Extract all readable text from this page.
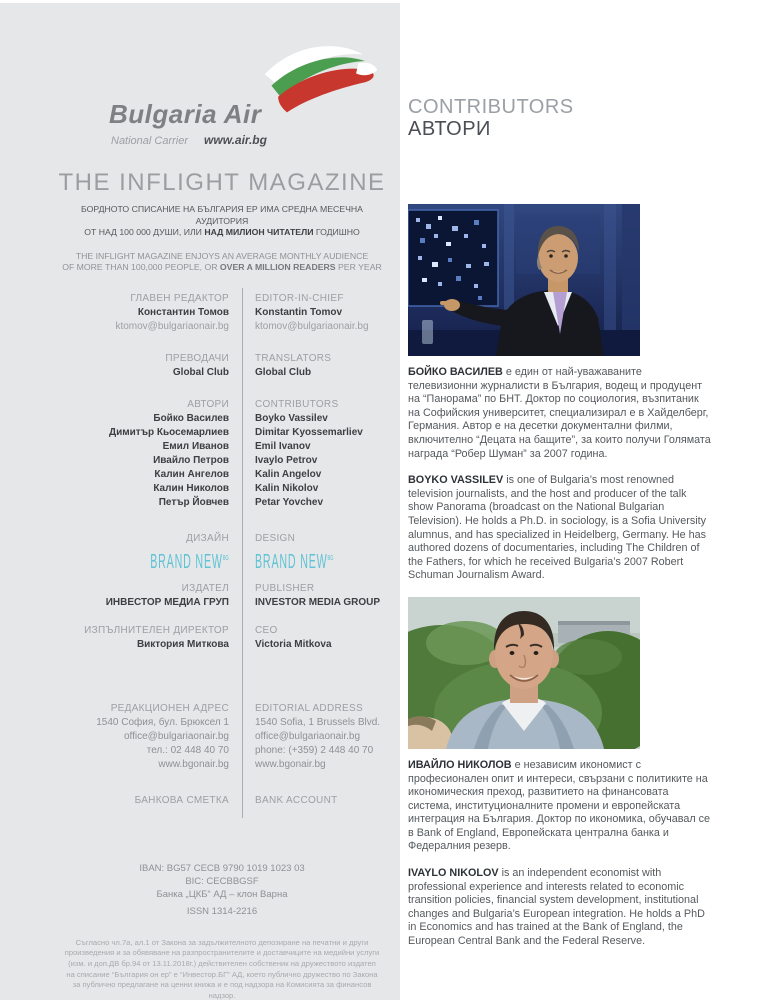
Bulgaria Air
National Carrier www.air.bg
THE INFLIGHT MAGAZINE
БОРДНОТО СПИСАНИЕ НА БЪЛГАРИЯ ЕР ИМА СРЕДНА МЕСЕЧНА АУДИТОРИЯ
ОТ НАД 100 000 ДУШИ, ИЛИ НАД МИЛИОН ЧИТАТЕЛИ ГОДИШНО
THE INFLIGHT MAGAZINE ENJOYS AN AVERAGE MONTHLY AUDIENCE
OF MORE THAN 100,000 PEOPLE, OR OVER A MILLION READERS PER YEAR
ГЛАВЕН РЕДАКТОР
Константин Томов
ktomov@bulgariaonair.bg
EDITOR-IN-CHIEF
Konstantin Tomov
ktomov@bulgariaonair.bg
ПРЕВОДАЧИ
Global Club
TRANSLATORS
Global Club
АВТОРИ
Бойко Василев
Димитър Кьосемарлиев
Емил Иванов
Ивайло Петров
Калин Ангелов
Калин Николов
Петър Йовчев
CONTRIBUTORS
Boyko Vassilev
Dimitar Kyossemarliev
Emil Ivanov
Ivaylo Petrov
Kalin Angelov
Kalin Nikolov
Petar Yovchev
ДИЗАЙН
BRAND $NEW^{BG}$
DESIGN
BRAND $NEW^{BG}$
ИЗДАТЕЛ
ИНВЕСТОР МЕДИА ГРУП
PUBLISHER
INVESTOR MEDIA GROUP
ИЗПЪЛНИТЕЛЕН ДИРЕКТОР
Виктория Миткова
CEO
Victoria Mitkova
РЕДАКЦИОНЕН АДРЕС
1540 София, бул. Брюксел 1
office@bulgariaonair.bg
тел.: 02 448 40 70
www.bgonair.bg
EDITORIAL ADDRESS
1540 Sofia, 1 Brussels Blvd.
office@bulgariaonair.bg
phone: (+359) 2 448 40 70
www.bgonair.bg
БАНКОВА СМЕТКА	BANK ACCOUNT
IBAN: BG57 CECB 9790 1019 1023 03
BIC: CECBBGSF
Банка „ЦКБ“ АД – клон Варна
ISSN 1314-2216
Съгласно чл.7а, ал.1 от Закона за задължителното депозиране на печатни и други произведения и за обявяване на разпространителите и доставчиците на медийни услуги (изм. и доп.ДВ бр.94 от 13.11.2018г.) действителен собственик на дружеството издател на списание “България он ер” е “Инвестор.БГ” АД, което публично дружество по Закона за публично предлагане на ценни книжа и е под надзора на Комисията за финансов надзор.
CONTRIBUTORS
АВТОРИ

БОЙКО ВАСИЛЕВ е един от най-уважаваните телевизионни журналисти в България, водещ и продуцент на “Панорама” по БНТ. Доктор по социология, възпитаник на Софийския университет, специализирал е в Хайделберг, Германия. Автор е на десетки документални филми, включително “Децата на бащите”, за които получи Голямата награда “Робер Шуман” за 2007 година.

BOYKO VASSILEV is one of Bulgaria’s most renowned television journalists, and the host and producer of the talk show Panorama (broadcast on the National Bulgarian Television). He holds a Ph.D. in sociology, is a Sofia University alumnus, and has specialized in Heidelberg, Germany. He has authored dozens of documentaries, including The Children of the Fathers, for which he received Bulgaria’s 2007 Robert Schuman Journalism Award.

ИВАЙЛО НИКОЛОВ е независим икономист с професионален опит и интереси, свързани с политиките на икономическия преход, развитието на финансовата система, институционалните промени и европейската интеграция на България. Доктор по икономика, обучавал се в Bank of England, Европейската централна банка и Федералния резерв.

IVAYLO NIKOLOV is an independent economist with professional experience and interests related to economic transition policies, financial system development, institutional changes and Bulgaria’s European integration. He holds a PhD in Economics and has trained at the Bank of England, the European Central Bank and the Federal Reserve.
